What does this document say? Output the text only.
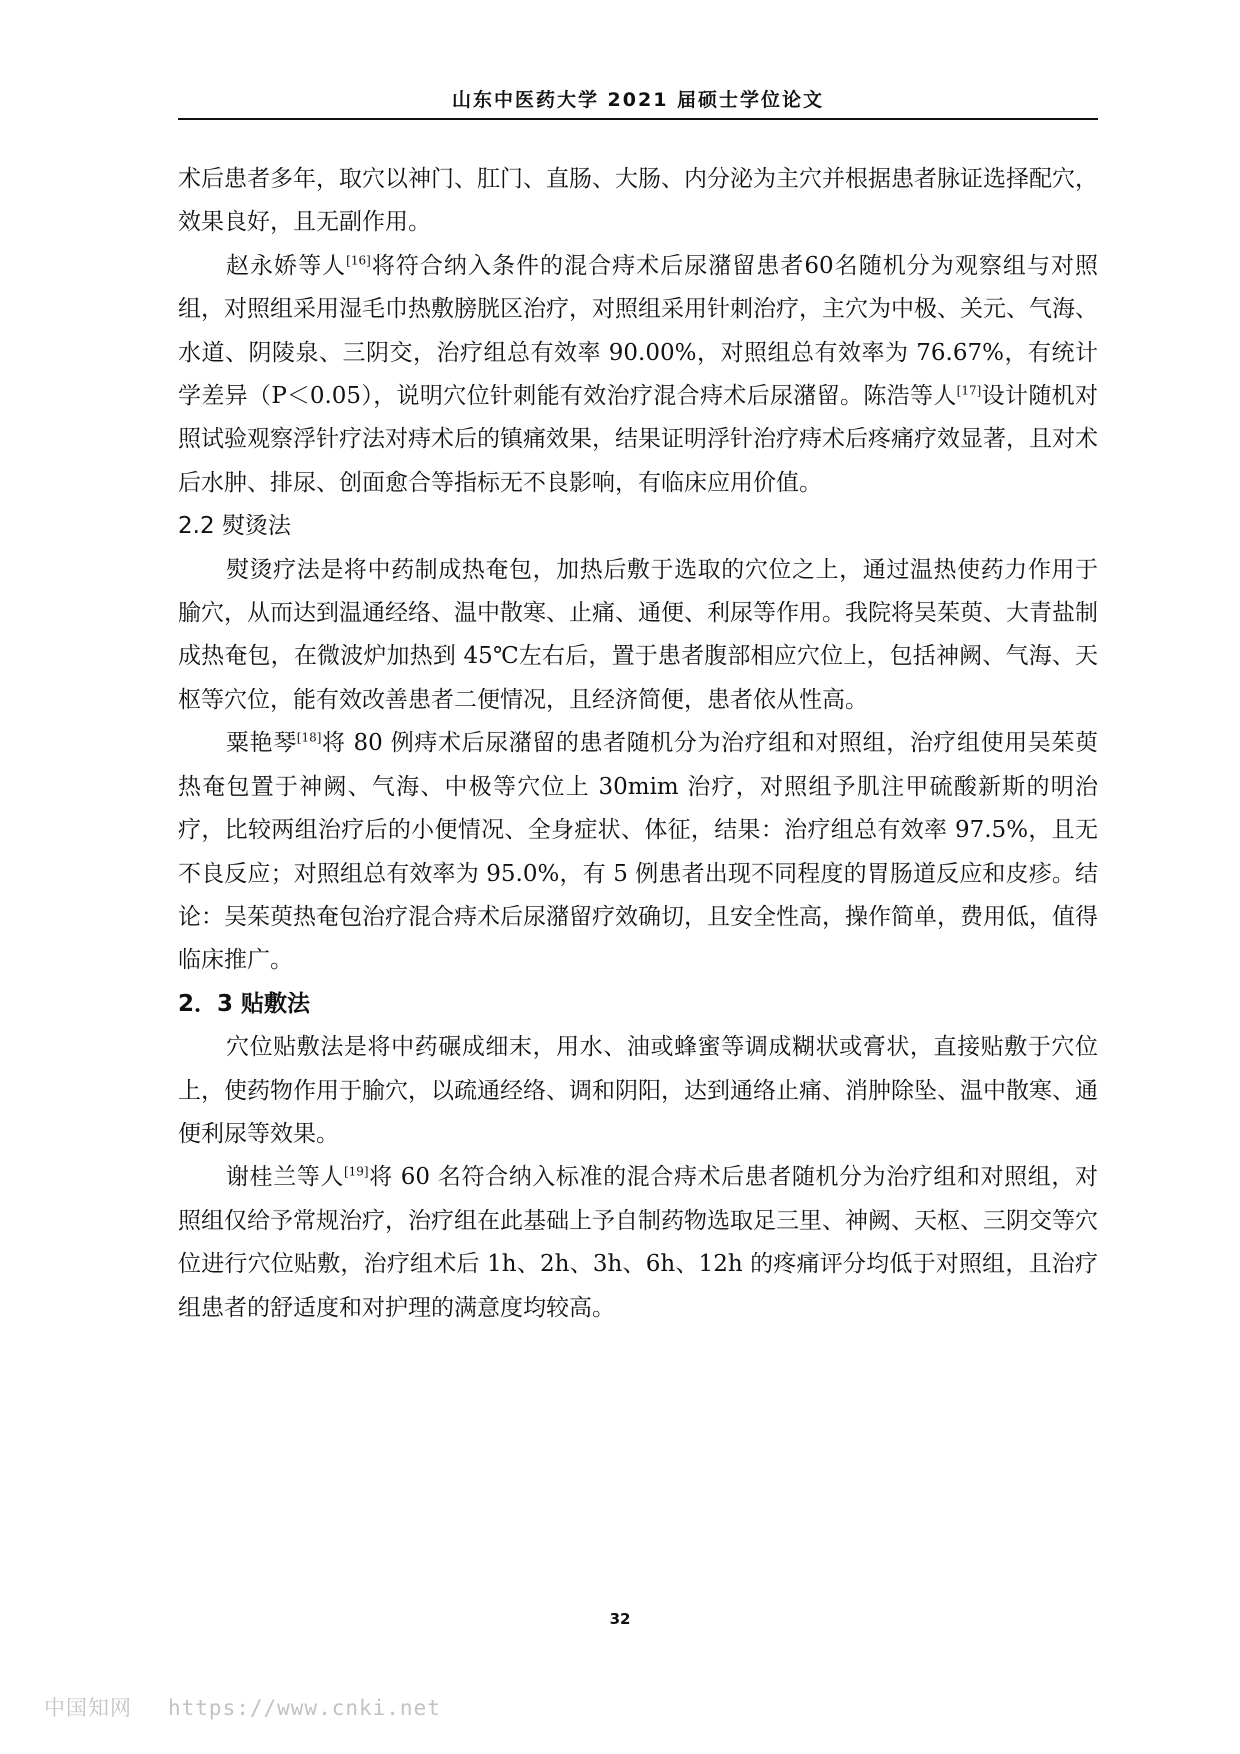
山东中医药大学 2021 届硕士学位论文

术后患者多年，取穴以神门、肛门、直肠、大肠、内分泌为主穴并根据患者脉证选择配穴，效果良好，且无副作用。

赵永娇等人[16]将符合纳入条件的混合痔术后尿潴留患者60名随机分为观察组与对照组，对照组采用湿毛巾热敷膀胱区治疗，对照组采用针刺治疗，主穴为中极、关元、气海、水道、阴陵泉、三阴交，治疗组总有效率 90.00%，对照组总有效率为 76.67%，有统计学差异（P＜0.05），说明穴位针刺能有效治疗混合痔术后尿潴留。陈浩等人[17]设计随机对照试验观察浮针疗法对痔术后的镇痛效果，结果证明浮针治疗痔术后疼痛疗效显著，且对术后水肿、排尿、创面愈合等指标无不良影响，有临床应用价值。

2.2 熨烫法

熨烫疗法是将中药制成热奄包，加热后敷于选取的穴位之上，通过温热使药力作用于腧穴，从而达到温通经络、温中散寒、止痛、通便、利尿等作用。我院将吴茱萸、大青盐制成热奄包，在微波炉加热到 45℃左右后，置于患者腹部相应穴位上，包括神阙、气海、天枢等穴位，能有效改善患者二便情况，且经济简便，患者依从性高。

粟艳琴[18]将 80 例痔术后尿潴留的患者随机分为治疗组和对照组，治疗组使用吴茱萸热奄包置于神阙、气海、中极等穴位上 30mim 治疗，对照组予肌注甲硫酸新斯的明治疗，比较两组治疗后的小便情况、全身症状、体征，结果：治疗组总有效率 97.5%，且无不良反应；对照组总有效率为 95.0%，有 5 例患者出现不同程度的胃肠道反应和皮疹。结论：吴茱萸热奄包治疗混合痔术后尿潴留疗效确切，且安全性高，操作简单，费用低，值得临床推广。

2．3 贴敷法

穴位贴敷法是将中药碾成细末，用水、油或蜂蜜等调成糊状或膏状，直接贴敷于穴位上，使药物作用于腧穴，以疏通经络、调和阴阳，达到通络止痛、消肿除坠、温中散寒、通便利尿等效果。

谢桂兰等人[19]将 60 名符合纳入标准的混合痔术后患者随机分为治疗组和对照组，对照组仅给予常规治疗，治疗组在此基础上予自制药物选取足三里、神阙、天枢、三阴交等穴位进行穴位贴敷，治疗组术后 1h、2h、3h、6h、12h 的疼痛评分均低于对照组，且治疗组患者的舒适度和对护理的满意度均较高。

32
中国知网 https://www.cnki.net
